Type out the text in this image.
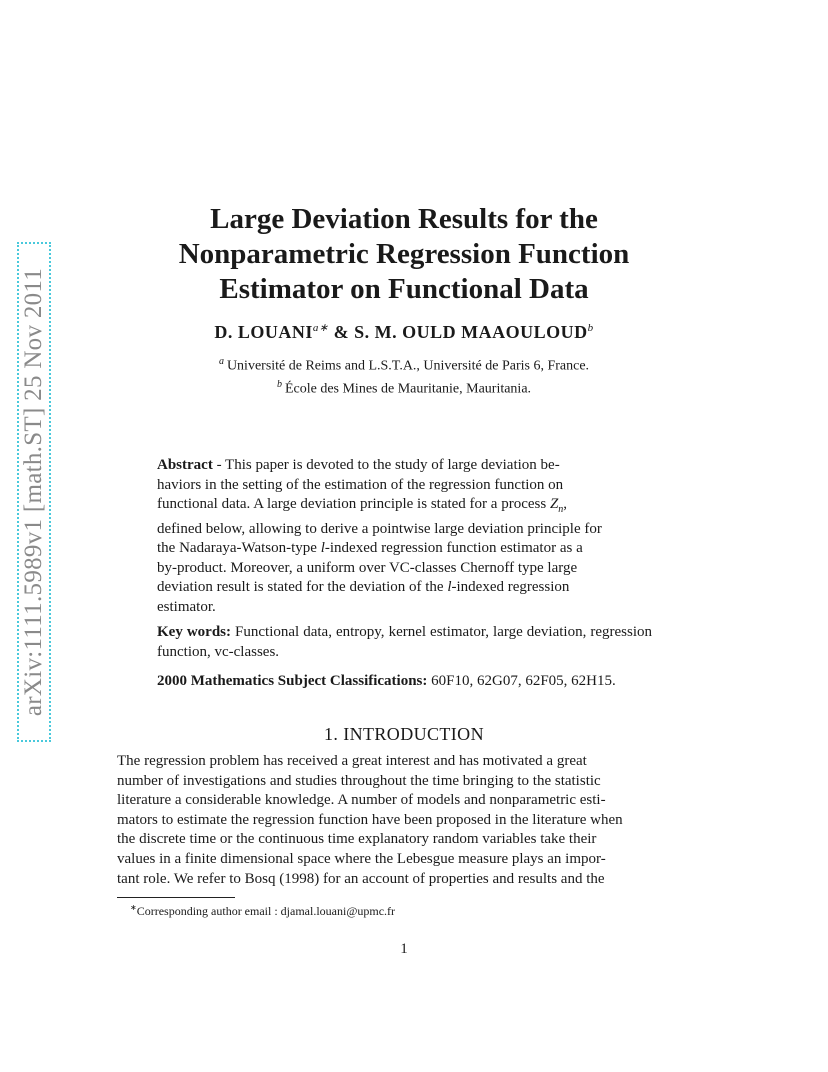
arXiv:1111.5989v1 [math.ST] 25 Nov 2011
Large Deviation Results for the
Nonparametric Regression Function
Estimator on Functional Data
D. $LOUANI^{a∗}$ & S. M. OULD MAAOULOUD$^b$
$^a$ Université de Reims and L.S.T.A., Université de Paris 6, France.
$^b$ École des Mines de Mauritanie, Mauritania.
Abstract - This paper is devoted to the study of large deviation be-
haviors in the setting of the estimation of the regression function on
functional data. A large deviation principle is stated for a process $Z_n$,
defined below, allowing to derive a pointwise large deviation principle for
the Nadaraya-Watson-type l-indexed regression function estimator as a
by-product. Moreover, a uniform over VC-classes Chernoff type large
deviation result is stated for the deviation of the l-indexed regression
estimator.
Key words: Functional data, entropy, kernel estimator, large deviation, regression function, vc-classes.
2000 Mathematics Subject Classifications: 60F10, 62G07, 62F05, 62H15.
1. INTRODUCTION
The regression problem has received a great interest and has motivated a great
number of investigations and studies throughout the time bringing to the statistic
literature a considerable knowledge. A number of models and nonparametric esti-
mators to estimate the regression function have been proposed in the literature when
the discrete time or the continuous time explanatory random variables take their
values in a finite dimensional space where the Lebesgue measure plays an impor-
tant role. We refer to Bosq (1998) for an account of properties and results and the
∗Corresponding author email : djamal.louani@upmc.fr
1
